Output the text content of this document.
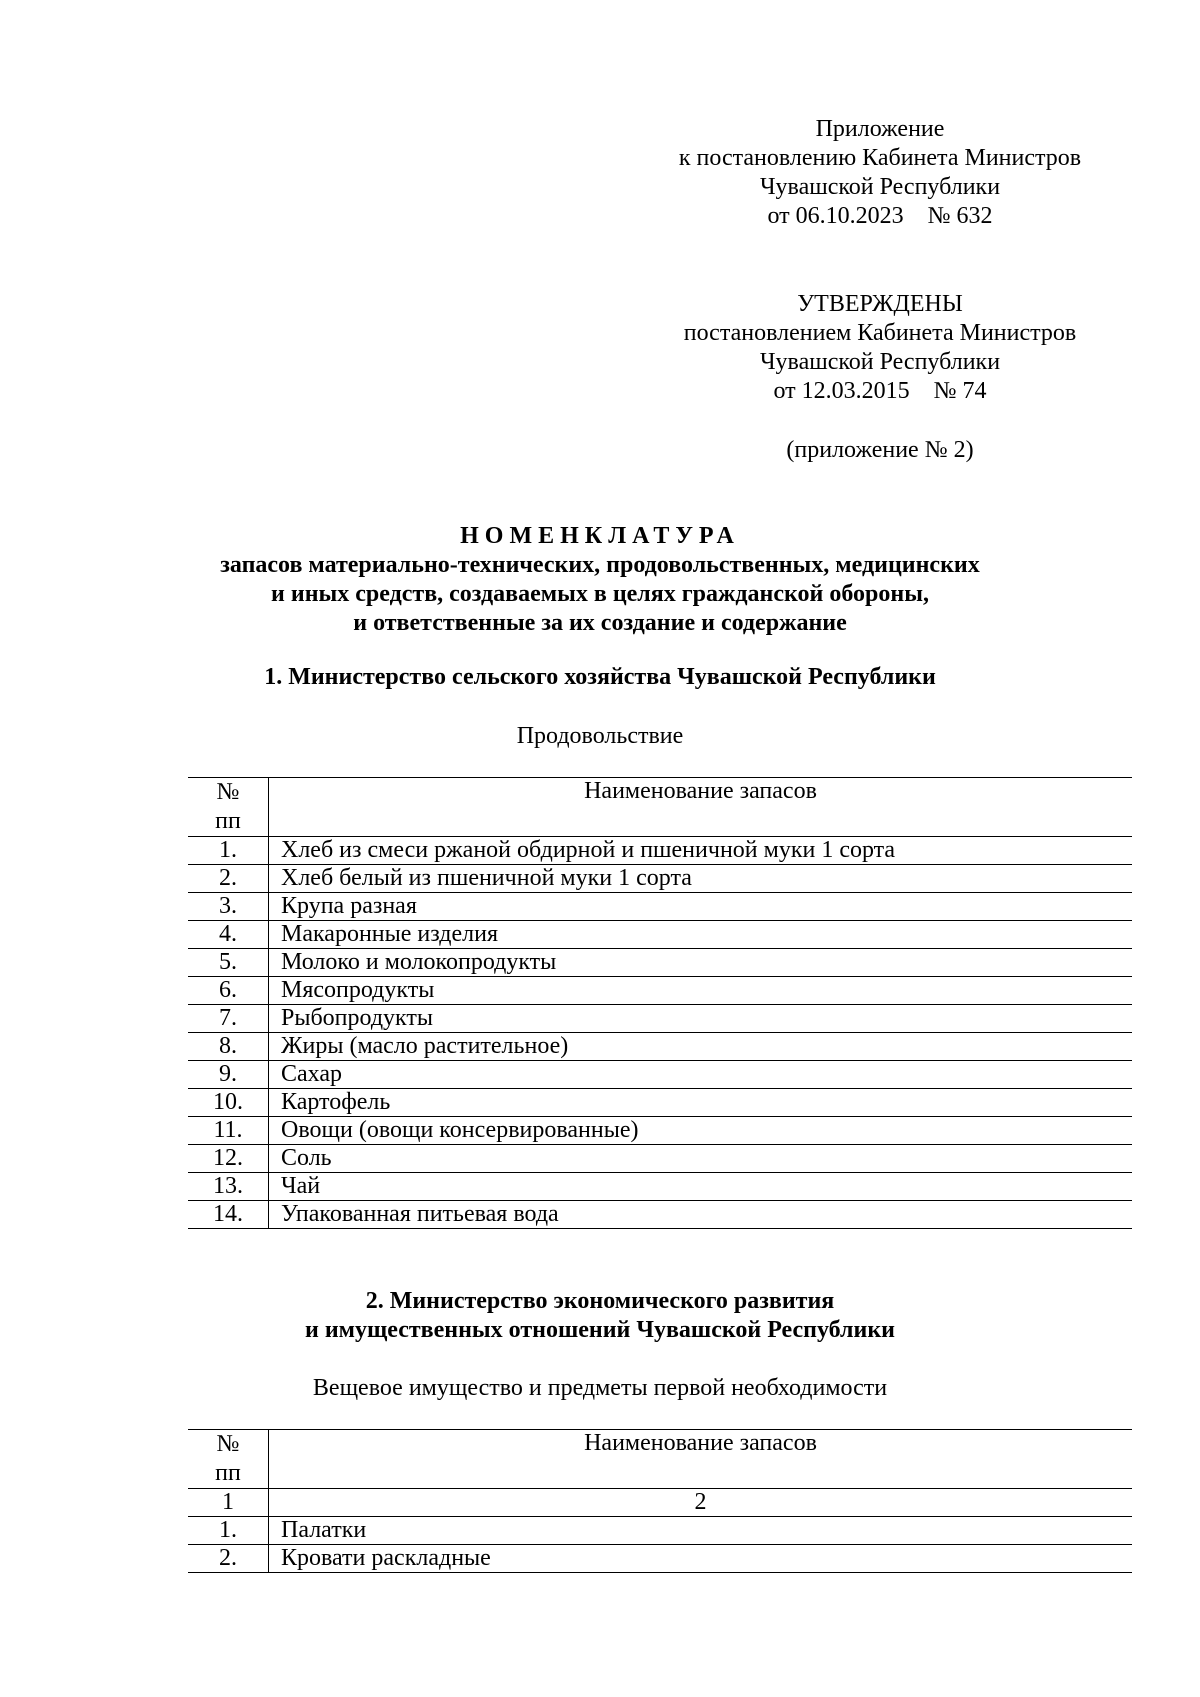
Приложение
к постановлению Кабинета Министров
Чувашской Республики
от 06.10.2023    № 632
УТВЕРЖДЕНЫ
постановлением Кабинета Министров
Чувашской Республики
от 12.03.2015    № 74
(приложение № 2)
НОМЕНКЛАТУРА
запасов материально-технических, продовольственных, медицинских
и иных средств, создаваемых в целях гражданской обороны,
и ответственные за их создание и содержание
1. Министерство сельского хозяйства Чувашской Республики
Продовольствие
№
пп	Наименование запасов
1.	Хлеб из смеси ржаной обдирной и пшеничной муки 1 сорта
2.	Хлеб белый из пшеничной муки 1 сорта
3.	Крупа разная
4.	Макаронные изделия
5.	Молоко и молокопродукты
6.	Мясопродукты
7.	Рыбопродукты
8.	Жиры (масло растительное)
9.	Сахар
10.	Картофель
11.	Овощи (овощи консервированные)
12.	Соль
13.	Чай
14.	Упакованная питьевая вода
2. Министерство экономического развития
и имущественных отношений Чувашской Республики
Вещевое имущество и предметы первой необходимости
№
пп	Наименование запасов
1	2
1.	Палатки
2.	Кровати раскладные
